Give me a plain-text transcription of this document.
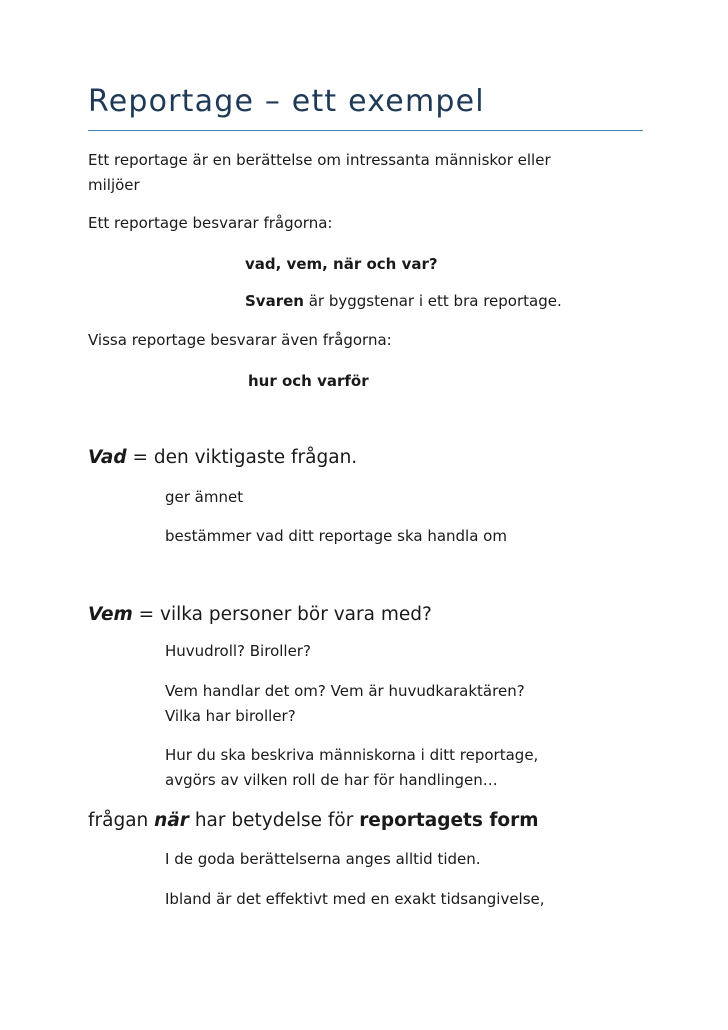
Reportage – ett exempel

Ett reportage är en berättelse om intressanta människor eller

miljöer

Ett reportage besvarar frågorna:

vad, vem, när och var?

Svaren är byggstenar i ett bra reportage.

Vissa reportage besvarar även frågorna:

hur och varför

Vad = den viktigaste frågan.

ger ämnet

bestämmer vad ditt reportage ska handla om

Vem = vilka personer bör vara med?

Huvudroll? Biroller?

Vem handlar det om? Vem är huvudkaraktären?

Vilka har biroller?

Hur du ska beskriva människorna i ditt reportage,

avgörs av vilken roll de har för handlingen…

frågan när har betydelse för reportagets form

I de goda berättelserna anges alltid tiden.

Ibland är det effektivt med en exakt tidsangivelse,
